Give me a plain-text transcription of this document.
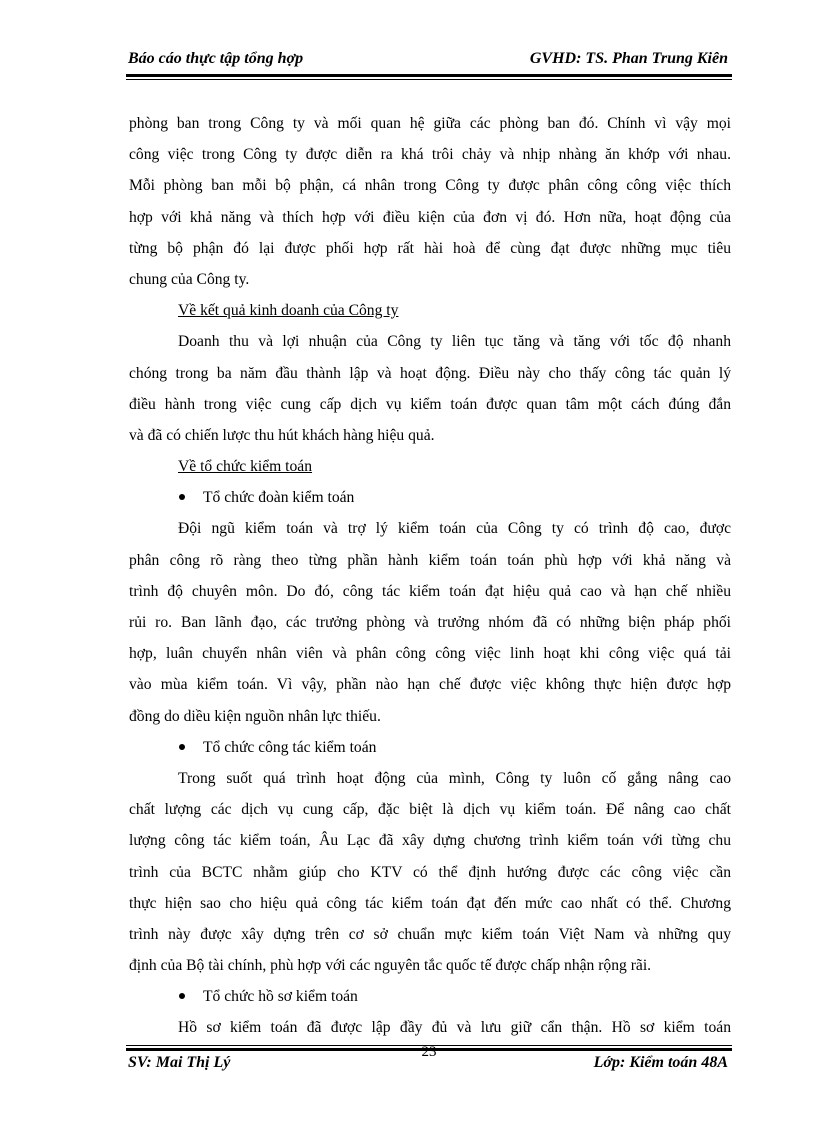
Báo cáo thực tập tổng hợp	GVHD: TS. Phan Trung Kiên
phòng ban trong Công ty và mối quan hệ giữa các phòng ban đó. Chính vì vậy mọi
công việc trong Công ty được diễn ra khá trôi chảy và nhịp nhàng ăn khớp với nhau.
Mỗi phòng ban mỗi bộ phận, cá nhân trong Công ty được phân công công việc thích
hợp với khả năng và thích hợp với điều kiện của đơn vị đó. Hơn nữa, hoạt động của
từng bộ phận đó lại được phối hợp rất hài hoà để cùng đạt được những mục tiêu
chung của Công ty.
Về kết quả kinh doanh của Công ty
Doanh thu và lợi nhuận của Công ty liên tục tăng và tăng với tốc độ nhanh
chóng trong ba năm đầu thành lập và hoạt động. Điều này cho thấy công tác quản lý
điều hành trong việc cung cấp dịch vụ kiểm toán được quan tâm một cách đúng đắn
và đã có chiến lược thu hút khách hàng hiệu quả.
Về tổ chức kiểm toán
Tổ chức đoàn kiểm toán
Đội ngũ kiểm toán và trợ lý kiểm toán của Công ty có trình độ cao, được
phân công rõ ràng theo từng phần hành kiểm toán toán phù hợp với khả năng và
trình độ chuyên môn. Do đó, công tác kiểm toán đạt hiệu quả cao và hạn chế nhiều
rủi ro. Ban lãnh đạo, các trưởng phòng và trưởng nhóm đã có những biện pháp phối
hợp, luân chuyển nhân viên và phân công công việc linh hoạt khi công việc quá tải
vào mùa kiểm toán. Vì vậy, phần nào hạn chế được việc không thực hiện được hợp
đồng do diều kiện nguồn nhân lực thiếu.
Tổ chức công tác kiểm toán
Trong suốt quá trình hoạt động của mình, Công ty luôn cố gắng nâng cao
chất lượng các dịch vụ cung cấp, đặc biệt là dịch vụ kiểm toán. Để nâng cao chất
lượng công tác kiểm toán, Âu Lạc đã xây dựng chương trình kiểm toán với từng chu
trình của BCTC nhằm giúp cho KTV có thể định hướng được các công việc cần
thực hiện sao cho hiệu quả công tác kiểm toán đạt đến mức cao nhất có thể. Chương
trình này được xây dựng trên cơ sở chuẩn mực kiểm toán Việt Nam và những quy
định của Bộ tài chính, phù hợp với các nguyên tắc quốc tế được chấp nhận rộng rãi.
Tổ chức hồ sơ kiểm toán
Hồ sơ kiểm toán đã được lập đầy đủ và lưu giữ cẩn thận. Hồ sơ kiểm toán
SV: Mai Thị Lý
23
Lớp: Kiểm toán 48A
